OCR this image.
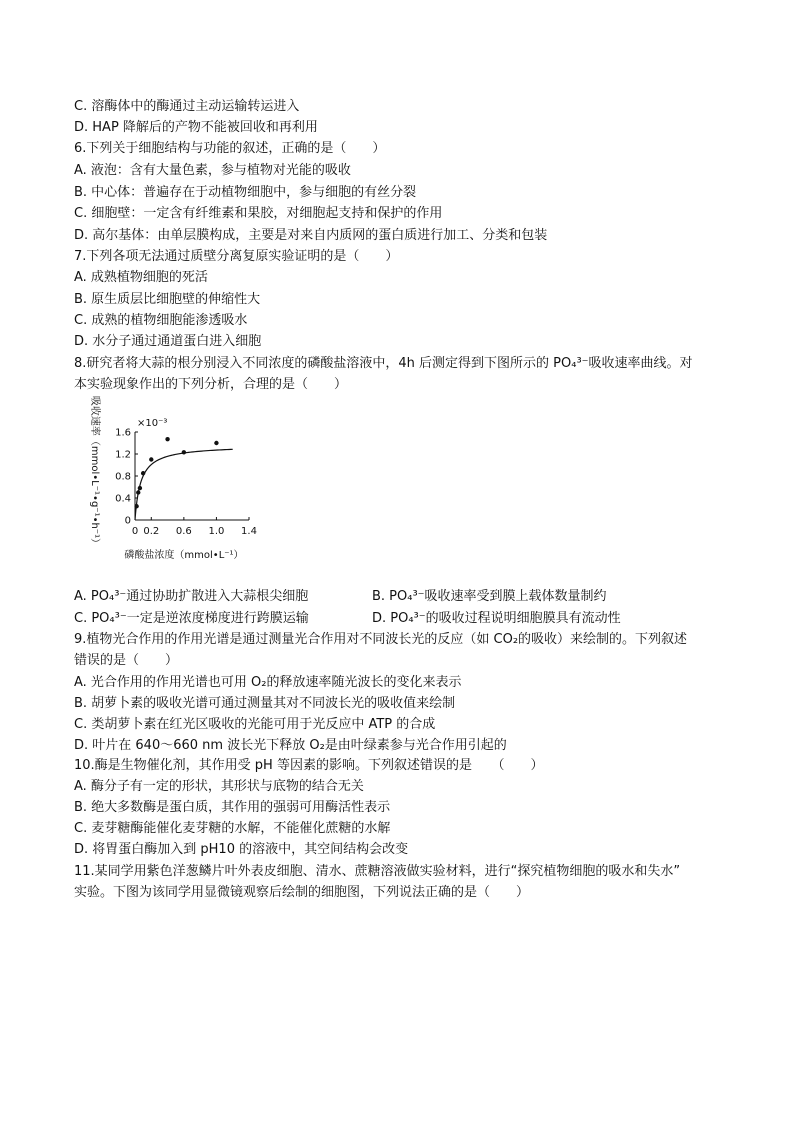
C. 溶酶体中的酶通过主动运输转运进入
D. HAP 降解后的产物不能被回收和再利用
6.下列关于细胞结构与功能的叙述，正确的是（　　）
A. 液泡：含有大量色素，参与植物对光能的吸收
B. 中心体：普遍存在于动植物细胞中，参与细胞的有丝分裂
C. 细胞壁：一定含有纤维素和果胶，对细胞起支持和保护的作用
D. 高尔基体：由单层膜构成，主要是对来自内质网的蛋白质进行加工、分类和包装
7.下列各项无法通过质壁分离复原实验证明的是（　　）
A. 成熟植物细胞的死活
B. 原生质层比细胞壁的伸缩性大
C. 成熟的植物细胞能渗透吸水
D. 水分子通过通道蛋白进入细胞
8.研究者将大蒜的根分别浸入不同浓度的磷酸盐溶液中，4h 后测定得到下图所示的 PO₄³⁻吸收速率曲线。对
本实验现象作出的下列分析，合理的是（　　）
吸收速率（mmol•L⁻¹•g⁻¹•h⁻¹）	×10⁻³
0
0.4
0.8
1.2
1.6
0 0.2 0.6 1.0 1.4
磷酸盐浓度（mmol•L⁻¹）
A. PO₄³⁻通过协助扩散进入大蒜根尖细胞	B. PO₄³⁻吸收速率受到膜上载体数量制约
C. PO₄³⁻一定是逆浓度梯度进行跨膜运输	D. PO₄³⁻的吸收过程说明细胞膜具有流动性
9.植物光合作用的作用光谱是通过测量光合作用对不同波长光的反应（如 CO₂的吸收）来绘制的。下列叙述
错误的是（　　）
A. 光合作用的作用光谱也可用 O₂的释放速率随光波长的变化来表示
B. 胡萝卜素的吸收光谱可通过测量其对不同波长光的吸收值来绘制
C. 类胡萝卜素在红光区吸收的光能可用于光反应中 ATP 的合成
D. 叶片在 640～660 nm 波长光下释放 O₂是由叶绿素参与光合作用引起的
10.酶是生物催化剂，其作用受 pH 等因素的影响。下列叙述错误的是　　（　　）
A. 酶分子有一定的形状，其形状与底物的结合无关
B. 绝大多数酶是蛋白质，其作用的强弱可用酶活性表示
C. 麦芽糖酶能催化麦芽糖的水解，不能催化蔗糖的水解
D. 将胃蛋白酶加入到 pH10 的溶液中，其空间结构会改变
11.某同学用紫色洋葱鳞片叶外表皮细胞、清水、蔗糖溶液做实验材料，进行“探究植物细胞的吸水和失水”
实验。下图为该同学用显微镜观察后绘制的细胞图，下列说法正确的是（　　）
